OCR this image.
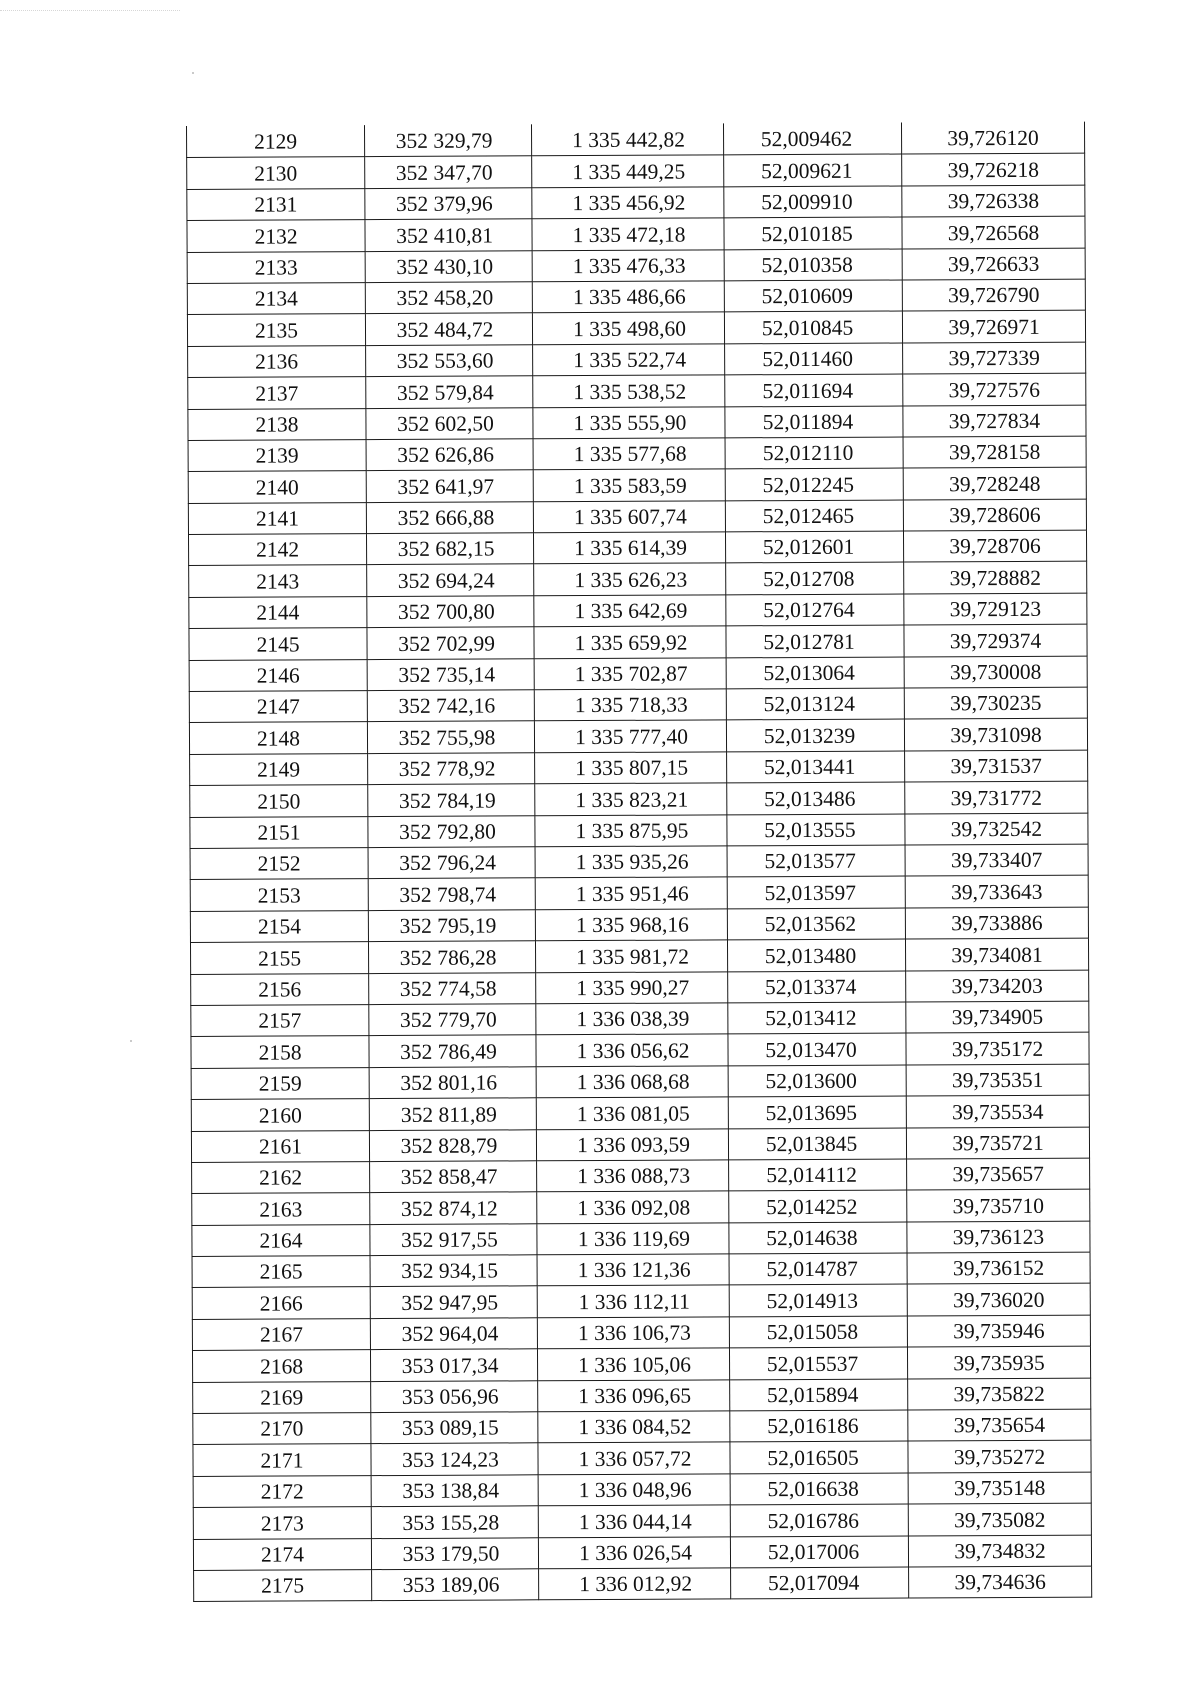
2129	352 329,79	1 335 442,82	52,009462	39,726120
2130	352 347,70	1 335 449,25	52,009621	39,726218
2131	352 379,96	1 335 456,92	52,009910	39,726338
2132	352 410,81	1 335 472,18	52,010185	39,726568
2133	352 430,10	1 335 476,33	52,010358	39,726633
2134	352 458,20	1 335 486,66	52,010609	39,726790
2135	352 484,72	1 335 498,60	52,010845	39,726971
2136	352 553,60	1 335 522,74	52,011460	39,727339
2137	352 579,84	1 335 538,52	52,011694	39,727576
2138	352 602,50	1 335 555,90	52,011894	39,727834
2139	352 626,86	1 335 577,68	52,012110	39,728158
2140	352 641,97	1 335 583,59	52,012245	39,728248
2141	352 666,88	1 335 607,74	52,012465	39,728606
2142	352 682,15	1 335 614,39	52,012601	39,728706
2143	352 694,24	1 335 626,23	52,012708	39,728882
2144	352 700,80	1 335 642,69	52,012764	39,729123
2145	352 702,99	1 335 659,92	52,012781	39,729374
2146	352 735,14	1 335 702,87	52,013064	39,730008
2147	352 742,16	1 335 718,33	52,013124	39,730235
2148	352 755,98	1 335 777,40	52,013239	39,731098
2149	352 778,92	1 335 807,15	52,013441	39,731537
2150	352 784,19	1 335 823,21	52,013486	39,731772
2151	352 792,80	1 335 875,95	52,013555	39,732542
2152	352 796,24	1 335 935,26	52,013577	39,733407
2153	352 798,74	1 335 951,46	52,013597	39,733643
2154	352 795,19	1 335 968,16	52,013562	39,733886
2155	352 786,28	1 335 981,72	52,013480	39,734081
2156	352 774,58	1 335 990,27	52,013374	39,734203
2157	352 779,70	1 336 038,39	52,013412	39,734905
2158	352 786,49	1 336 056,62	52,013470	39,735172
2159	352 801,16	1 336 068,68	52,013600	39,735351
2160	352 811,89	1 336 081,05	52,013695	39,735534
2161	352 828,79	1 336 093,59	52,013845	39,735721
2162	352 858,47	1 336 088,73	52,014112	39,735657
2163	352 874,12	1 336 092,08	52,014252	39,735710
2164	352 917,55	1 336 119,69	52,014638	39,736123
2165	352 934,15	1 336 121,36	52,014787	39,736152
2166	352 947,95	1 336 112,11	52,014913	39,736020
2167	352 964,04	1 336 106,73	52,015058	39,735946
2168	353 017,34	1 336 105,06	52,015537	39,735935
2169	353 056,96	1 336 096,65	52,015894	39,735822
2170	353 089,15	1 336 084,52	52,016186	39,735654
2171	353 124,23	1 336 057,72	52,016505	39,735272
2172	353 138,84	1 336 048,96	52,016638	39,735148
2173	353 155,28	1 336 044,14	52,016786	39,735082
2174	353 179,50	1 336 026,54	52,017006	39,734832
2175	353 189,06	1 336 012,92	52,017094	39,734636
